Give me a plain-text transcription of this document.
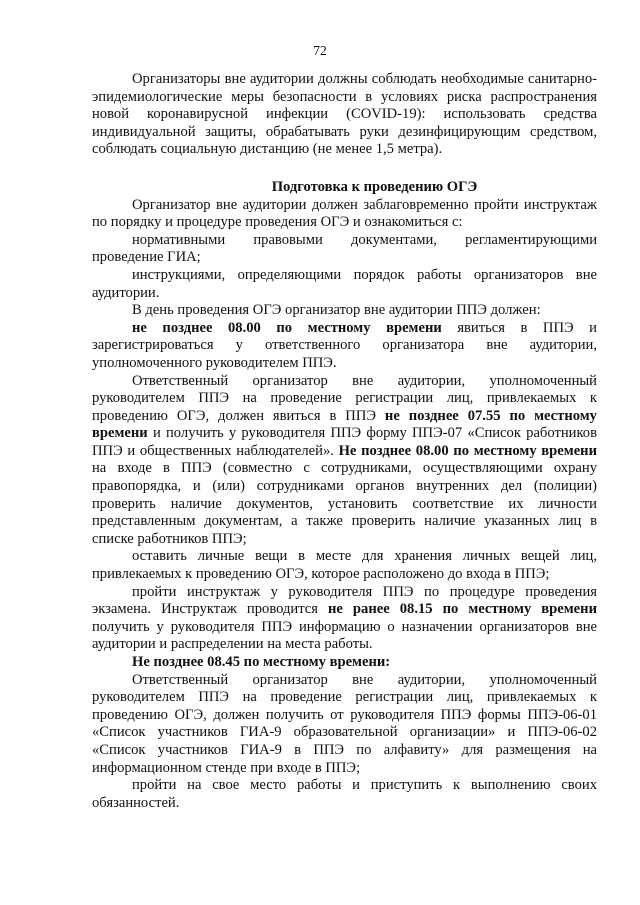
72

Организаторы вне аудитории должны соблюдать необходимые санитарно-эпидемиологические меры безопасности в условиях риска распространения новой коронавирусной инфекции (COVID-19): использовать средства индивидуальной защиты, обрабатывать руки дезинфицирующим средством, соблюдать социальную дистанцию (не менее 1,5 метра).

Подготовка к проведению ОГЭ

Организатор вне аудитории должен заблаговременно пройти инструктаж по порядку и процедуре проведения ОГЭ и ознакомиться с:

нормативными правовыми документами, регламентирующими проведение ГИА;

инструкциями, определяющими порядок работы организаторов вне аудитории.

В день проведения ОГЭ организатор вне аудитории ППЭ должен:

не позднее 08.00 по местному времени явиться в ППЭ и зарегистрироваться у ответственного организатора вне аудитории, уполномоченного руководителем ППЭ.

Ответственный организатор вне аудитории, уполномоченный руководителем ППЭ на проведение регистрации лиц, привлекаемых к проведению ОГЭ, должен явиться в ППЭ не позднее 07.55 по местному времени и получить у руководителя ППЭ форму ППЭ-07 «Список работников ППЭ и общественных наблюдателей». Не позднее 08.00 по местному времени на входе в ППЭ (совместно с сотрудниками, осуществляющими охрану правопорядка, и (или) сотрудниками органов внутренних дел (полиции) проверить наличие документов, установить соответствие их личности представленным документам, а также проверить наличие указанных лиц в списке работников ППЭ;

оставить личные вещи в месте для хранения личных вещей лиц, привлекаемых к проведению ОГЭ, которое расположено до входа в ППЭ;

пройти инструктаж у руководителя ППЭ по процедуре проведения экзамена. Инструктаж проводится не ранее 08.15 по местному времени получить у руководителя ППЭ информацию о назначении организаторов вне аудитории и распределении на места работы.

Не позднее 08.45 по местному времени:

Ответственный организатор вне аудитории, уполномоченный руководителем ППЭ на проведение регистрации лиц, привлекаемых к проведению ОГЭ, должен получить от руководителя ППЭ формы ППЭ-06-01 «Список участников ГИА-9 образовательной организации» и ППЭ-06-02 «Список участников ГИА-9 в ППЭ по алфавиту» для размещения на информационном стенде при входе в ППЭ;

пройти на свое место работы и приступить к выполнению своих обязанностей.
